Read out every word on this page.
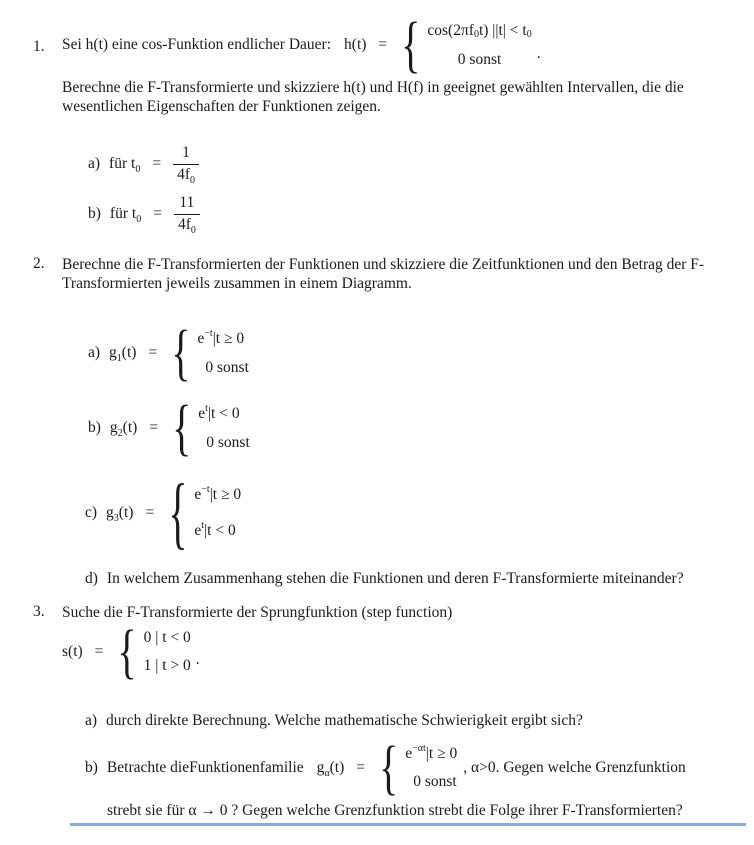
1. Sei h(t) eine cos-Funktion endlicher Dauer: h(t) = { cos(2πf 0 t) ||t| < t 0
0 sonst .
Berechne die F-Transformierte und skizziere h(t) und H(f) in geeignet gewählten Intervallen, die die wesentlichen Eigenschaften der Funktionen zeigen.
a) für $t_0 = \frac{1}{4f_0}$
b) für $t_0 = \frac{11}{4f_0}$
2. Berechne die F-Transformierten der Funktionen und skizziere die Zeitfunktionen und den Betrag der F-Transformierten jeweils zusammen in einem Diagramm.
a) $g_1(t)$ = { e −t |t ≥ 0
0 sonst
b) $g_2(t)$ = { e t |t < 0
0 sonst
c) $g_3(t)$ = { e −t |t ≥ 0
e t |t < 0
d) In welchem Zusammenhang stehen die Funktionen und deren F-Transformierte miteinander?
3. Suche die F-Transformierte der Sprungfunktion (step function)
s(t) = { 0 | t < 0
1 | t > 0 .
a) durch direkte Berechnung. Welche mathematische Schwierigkeit ergibt sich?
b) Betrachte dieFunktionenfamilie $g_\alpha(t)$ = { e −αt |t ≥ 0
0 sonst
, α>0. Gegen welche Grenzfunktion
strebt sie für α → 0 ? Gegen welche Grenzfunktion strebt die Folge ihrer F-Transformierten?
